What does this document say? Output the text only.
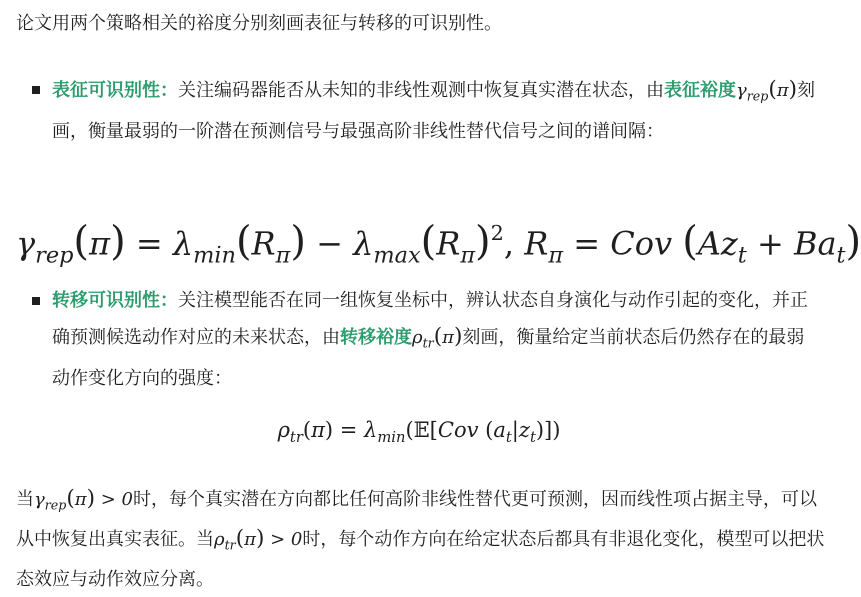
论文用两个策略相关的裕度分别刻画表征与转移的可识别性。

表征可识别性：关注编码器能否从未知的非线性观测中恢复真实潜在状态，由表征裕度$\gamma_{rep}(\pi)$刻画，衡量最弱的一阶潜在预测信号与最强高阶非线性替代信号之间的谱间隔：
$\gamma_{rep}(\pi) = \lambda_{min}(R_\pi) - \lambda_{max}(R_\pi)^2$, $R_\pi$ = Cov $(Az_t + Ba_t)$
转移可识别性：关注模型能否在同一组恢复坐标中，辨认状态自身演化与动作引起的变化，并正确预测候选动作对应的未来状态，由转移裕度$\rho_{tr}(\pi)$刻画，衡量给定当前状态后仍然存在的最弱动作变化方向的强度：
$\rho_{tr}(\pi)$ = $\lambda_{min}(𝔼[Cov$ $(a_t|z_t)$])
当$\gamma_{rep}(\pi) > 0$时，每个真实潜在方向都比任何高阶非线性替代更可预测，因而线性项占据主导，可以从中恢复出真实表征。当$\rho_{tr}(\pi) > 0$时，每个动作方向在给定状态后都具有非退化变化，模型可以把状态效应与动作效应分离。
